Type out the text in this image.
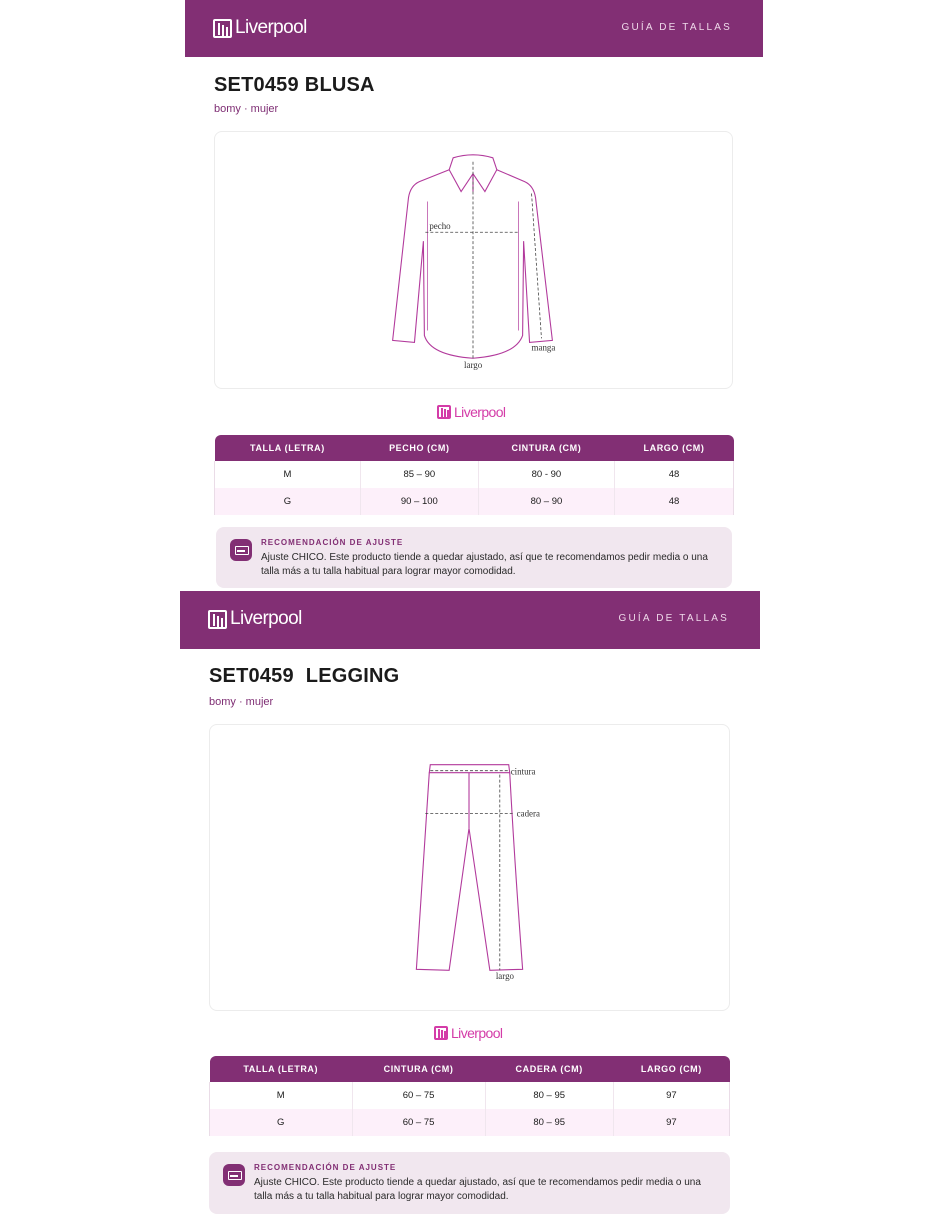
Liverpool	GUÍA DE TALLAS
SET0459 BLUSA
bomy · mujer
pecho
manga
largo
Liverpool
TALLA (LETRA)	PECHO (CM)	CINTURA (CM)	LARGO (CM)
M	85 – 90	80 - 90	48
G	90 – 100	80 – 90	48
RECOMENDACIÓN DE AJUSTE
Ajuste CHICO. Este producto tiende a quedar ajustado, así que te recomendamos pedir media o una talla más a tu talla habitual para lograr mayor comodidad.
Liverpool	GUÍA DE TALLAS
SET0459 LEGGING
bomy · mujer
cintura
cadera
largo
Liverpool
TALLA (LETRA)	CINTURA (CM)	CADERA (CM)	LARGO (CM)
M	60 – 75	80 – 95	97
G	60 – 75	80 – 95	97
RECOMENDACIÓN DE AJUSTE
Ajuste CHICO. Este producto tiende a quedar ajustado, así que te recomendamos pedir media o una talla más a tu talla habitual para lograr mayor comodidad.
